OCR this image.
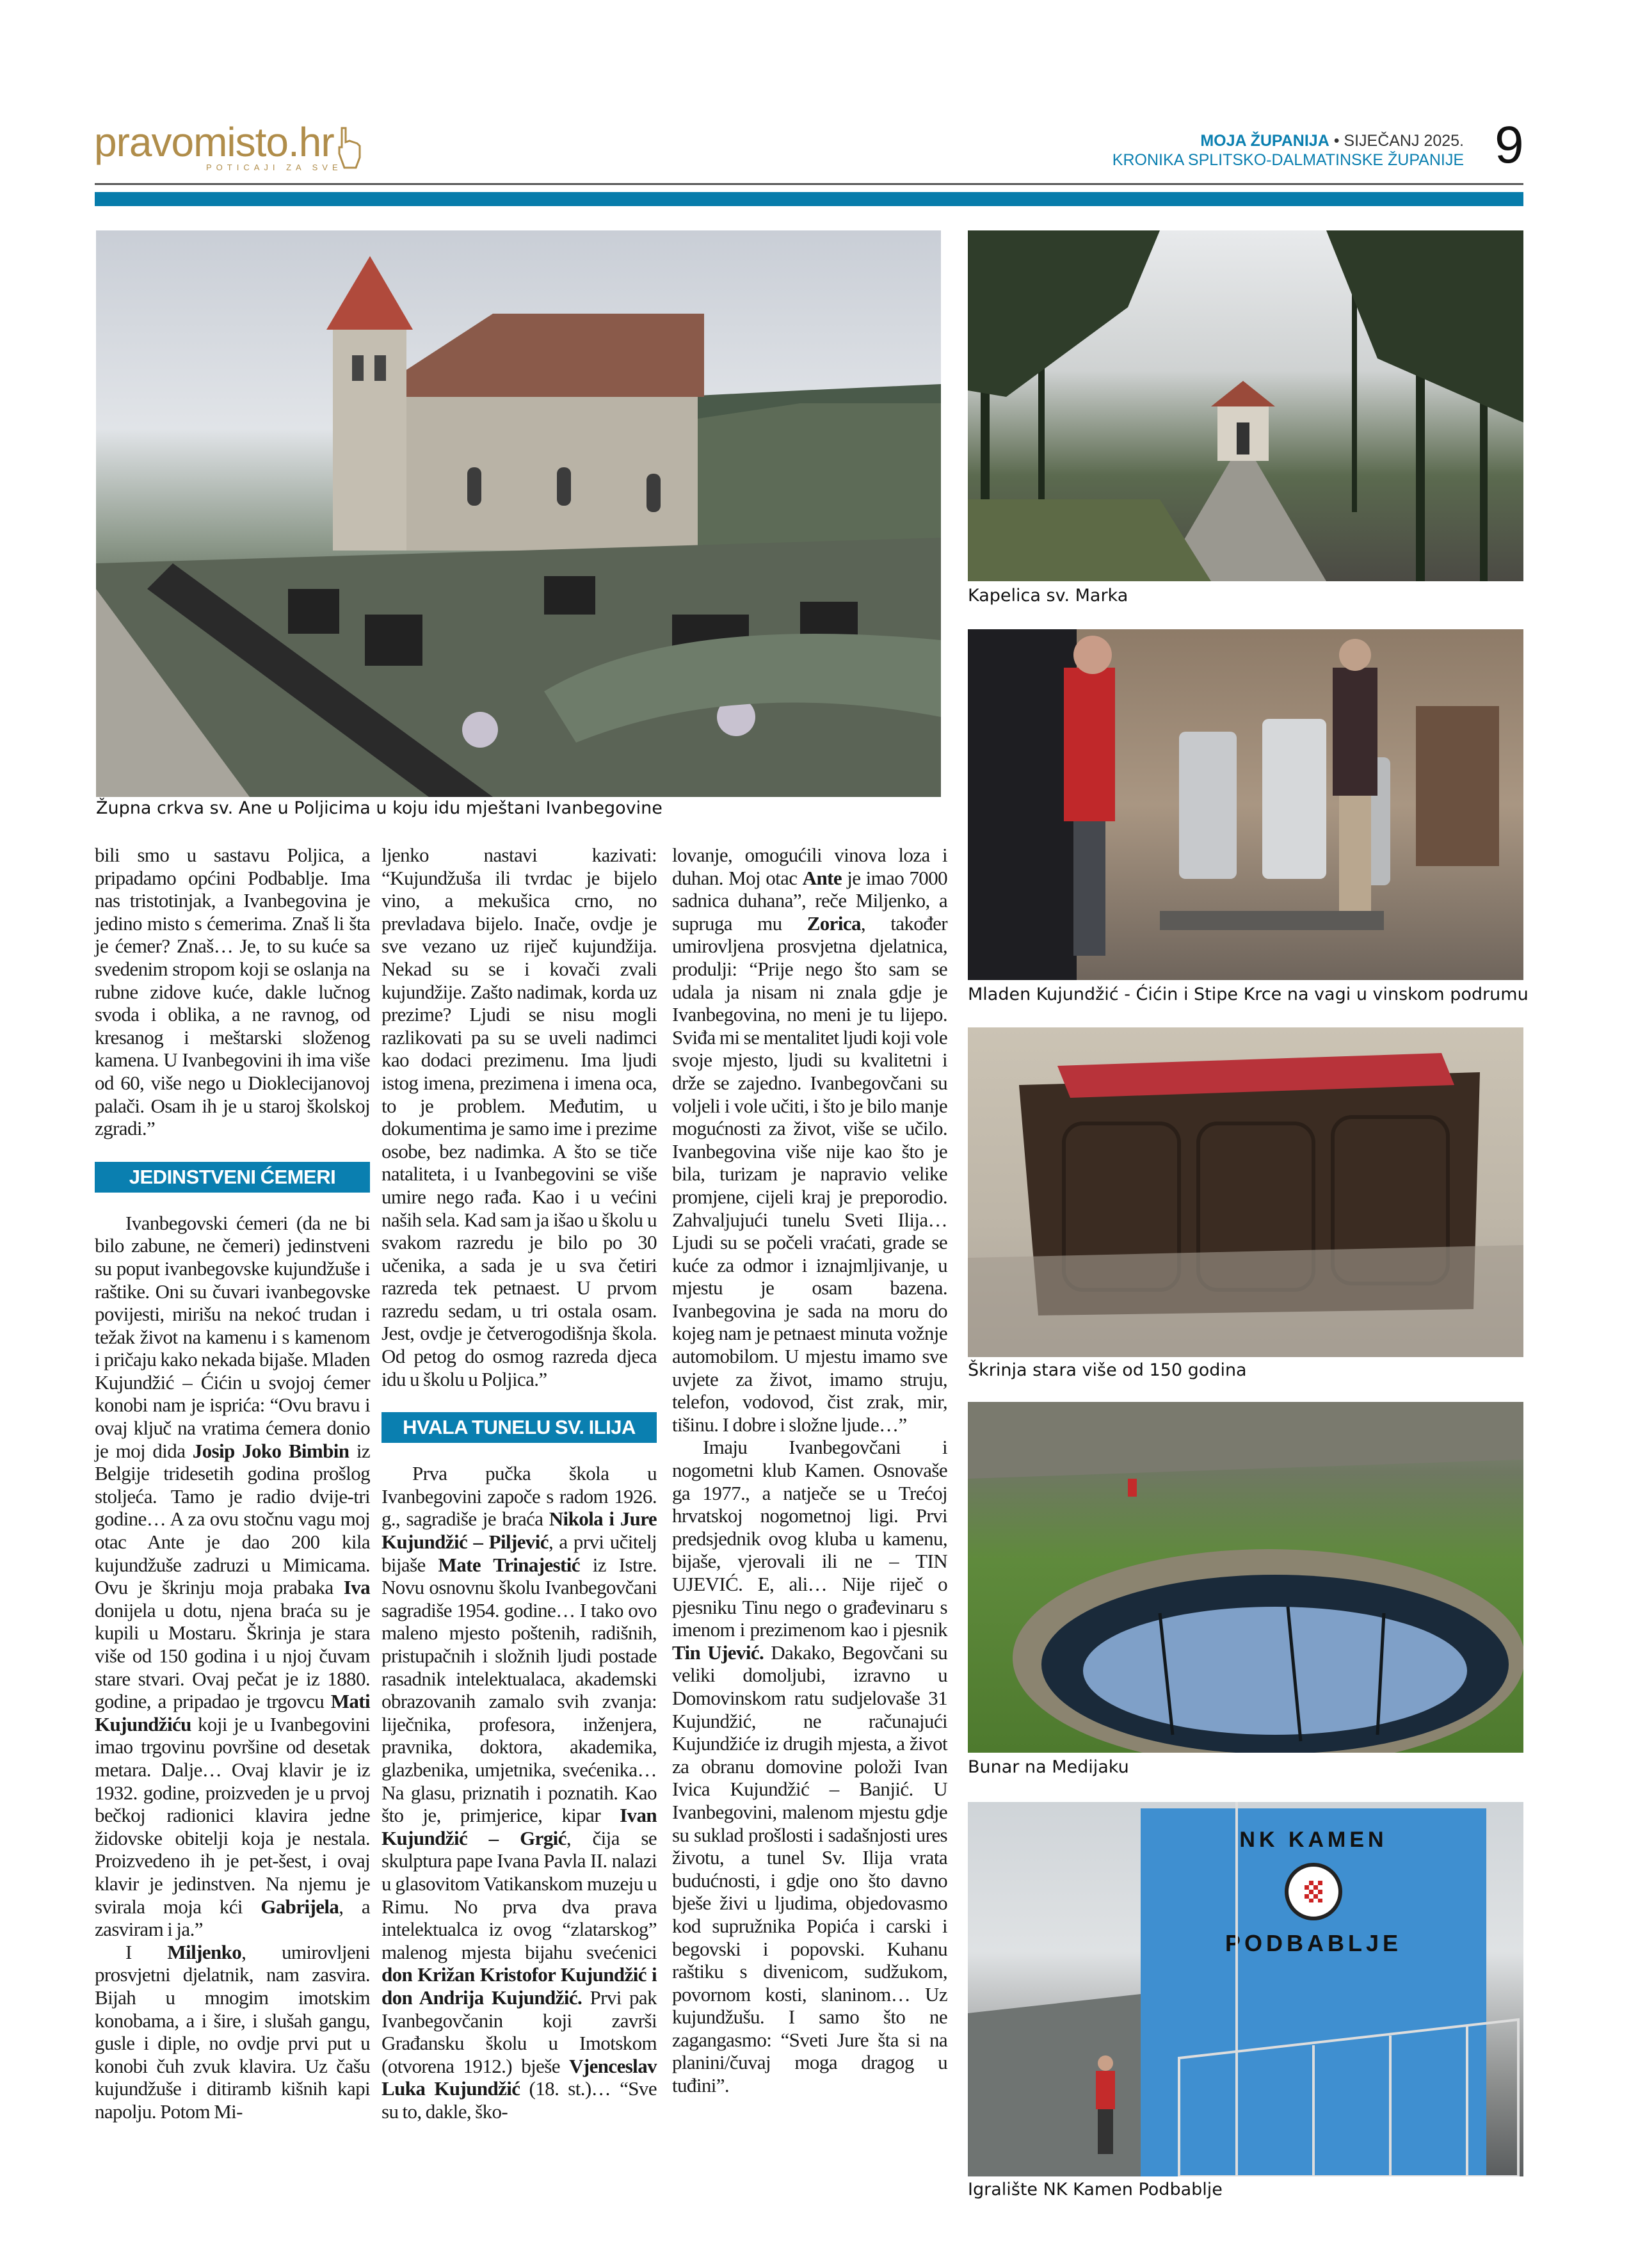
pravomisto.hr
POTICAJI ZA SVE
MOJA ŽUPANIJA • SIJEČANJ 2025.
KRONIKA SPLITSKO-DALMATINSKE ŽUPANIJE 9
Župna crkva sv. Ane u Poljicima u koju idu mještani Ivanbegovine
Kapelica sv. Marka
Mladen Kujundžić - Ćićin i Stipe Krce na vagi u vinskom podrumu
Škrinja stara više od 150 godina
Bunar na Medijaku
NK KAMEN
PODBABLJE
Igralište NK Kamen Podbablje

bili smo u sastavu Poljica, a pripadamo općini Podbablje. Ima nas tristotinjak, a Ivanbegovina je jedino misto s ćemerima. Znaš li šta je ćemer? Znaš… Je, to su kuće sa svedenim stropom koji se oslanja na rubne zidove kuće, dakle lučnog svoda i oblika, a ne ravnog, od kresanog i meštarski složenog kamena. U Ivanbegovini ih ima više od 60, više nego u Dioklecijanovoj palači. Osam ih je u staroj školskoj zgradi.”

JEDINSTVENI ĆEMERI

Ivanbegovski ćemeri (da ne bi bilo zabune, ne čemeri) jedinstveni su poput ivanbegovske kujundžuše i raštike. Oni su čuvari ivanbegovske povijesti, mirišu na nekoć trudan i težak život na kamenu i s kamenom i pričaju kako nekada bijaše. Mladen Kujundžić – Ćićin u svojoj ćemer konobi nam je isprića: “Ovu bravu i ovaj ključ na vratima ćemera donio je moj dida Josip Joko Bimbin iz Belgije tridesetih godina prošlog stoljeća. Tamo je radio dvije-tri godine… A za ovu stočnu vagu moj otac Ante je dao 200 kila kujundžuše zadruzi u Mimicama. Ovu je škrinju moja prabaka Iva donijela u dotu, njena braća su je kupili u Mostaru. Škrinja je stara više od 150 godina i u njoj čuvam stare stvari. Ovaj pečat je iz 1880. godine, a pripadao je trgovcu Mati Kujundžiću koji je u Ivanbegovini imao trgovinu površine od desetak metara. Dalje… Ovaj klavir je iz 1932. godine, proizveden je u prvoj bečkoj radionici klavira jedne židovske obitelji koja je nestala. Proizvedeno ih je pet-šest, i ovaj klavir je jedinstven. Na njemu je svirala moja kći Gabrijela, a zasviram i ja.”

I Miljenko, umirovljeni prosvjetni djelatnik, nam zasvira. Bijah u mnogim imotskim konobama, a i šire, i slušah gangu, gusle i diple, no ovdje prvi put u konobi čuh zvuk klavira. Uz čašu kujundžuše i ditiramb kišnih kapi napolju. Potom Mi-

ljenko nastavi kazivati: “Kujundžuša ili tvrdac je bijelo vino, a mekušica crno, no prevladava bijelo. Inače, ovdje je sve vezano uz riječ kujundžija. Nekad su se i kovači zvali kujundžije. Zašto nadimak, korda uz prezime? Ljudi se nisu mogli razlikovati pa su se uveli nadimci kao dodaci prezimenu. Ima ljudi istog imena, prezimena i imena oca, to je problem. Međutim, u dokumentima je samo ime i prezime osobe, bez nadimka. A što se tiče nataliteta, i u Ivanbegovini se više umire nego rađa. Kao i u većini naših sela. Kad sam ja išao u školu u svakom razredu je bilo po 30 učenika, a sada je u sva četiri razreda tek petnaest. U prvom razredu sedam, u tri ostala osam. Jest, ovdje je četverogodišnja škola. Od petog do osmog razreda djeca idu u školu u Poljica.”

HVALA TUNELU SV. ILIJA

Prva pučka škola u Ivanbegovini započe s radom 1926. g., sagradiše je braća Nikola i Jure Kujundžić – Piljević, a prvi učitelj bijaše Mate Trinajestić iz Istre. Novu osnovnu školu Ivanbegovčani sagradiše 1954. godine… I tako ovo maleno mjesto poštenih, radišnih, pristupačnih i složnih ljudi postade rasadnik intelektualaca, akademski obrazovanih zamalo svih zvanja: liječnika, profesora, inženjera, pravnika, doktora, akademika, glazbenika, umjetnika, svećenika… Na glasu, priznatih i poznatih. Kao što je, primjerice, kipar Ivan Kujundžić – Grgić, čija se skulptura pape Ivana Pavla II. nalazi u glasovitom Vatikanskom muzeju u Rimu. No prva dva prava intelektualca iz ovog “zlatarskog” malenog mjesta bijahu svećenici don Križan Kristofor Kujundžić i don Andrija Kujundžić. Prvi pak Ivanbegovčanin koji završi Građansku školu u Imotskom (otvorena 1912.) bješe Vjenceslav Luka Kujundžić (18. st.)… “Sve su to, dakle, ško-

lovanje, omogućili vinova loza i duhan. Moj otac Ante je imao 7000 sadnica duhana”, reče Miljenko, a supruga mu Zorica, također umirovljena prosvjetna djelatnica, produlji: “Prije nego što sam se udala ja nisam ni znala gdje je Ivanbegovina, no meni je tu lijepo. Sviđa mi se mentalitet ljudi koji vole svoje mjesto, ljudi su kvalitetni i drže se zajedno. Ivanbegovčani su voljeli i vole učiti, i što je bilo manje mogućnosti za život, više se učilo. Ivanbegovina više nije kao što je bila, turizam je napravio velike promjene, cijeli kraj je preporodio. Zahvaljujući tunelu Sveti Ilija… Ljudi su se počeli vraćati, grade se kuće za odmor i iznajmljivanje, u mjestu je osam bazena. Ivanbegovina je sada na moru do kojeg nam je petnaest minuta vožnje automobilom. U mjestu imamo sve uvjete za život, imamo struju, telefon, vodovod, čist zrak, mir, tišinu. I dobre i složne ljude…”

Imaju Ivanbegovčani i nogometni klub Kamen. Osnovaše ga 1977., a natječe se u Trećoj hrvatskoj nogometnoj ligi. Prvi predsjednik ovog kluba u kamenu, bijaše, vjerovali ili ne – TIN UJEVIĆ. E, ali… Nije riječ o pjesniku Tinu nego o građevinaru s imenom i prezimenom kao i pjesnik Tin Ujević. Dakako, Begovčani su veliki domoljubi, izravno u Domovinskom ratu sudjelovaše 31 Kujundžić, ne računajući Kujundžiće iz drugih mjesta, a život za obranu domovine položi Ivan Ivica Kujundžić – Banjić. U Ivanbegovini, malenom mjestu gdje su suklad prošlosti i sadašnjosti ures životu, a tunel Sv. Ilija vrata budućnosti, i gdje ono što davno bješe živi u ljudima, objedovasmo kod supružnika Popića i carski i begovski i popovski. Kuhanu raštiku s divenicom, sudžukom, povornom kosti, slaninom… Uz kujundžušu. I samo što ne zagangasmo: “Sveti Jure šta si na planini/čuvaj moga dragog u tuđini”.
